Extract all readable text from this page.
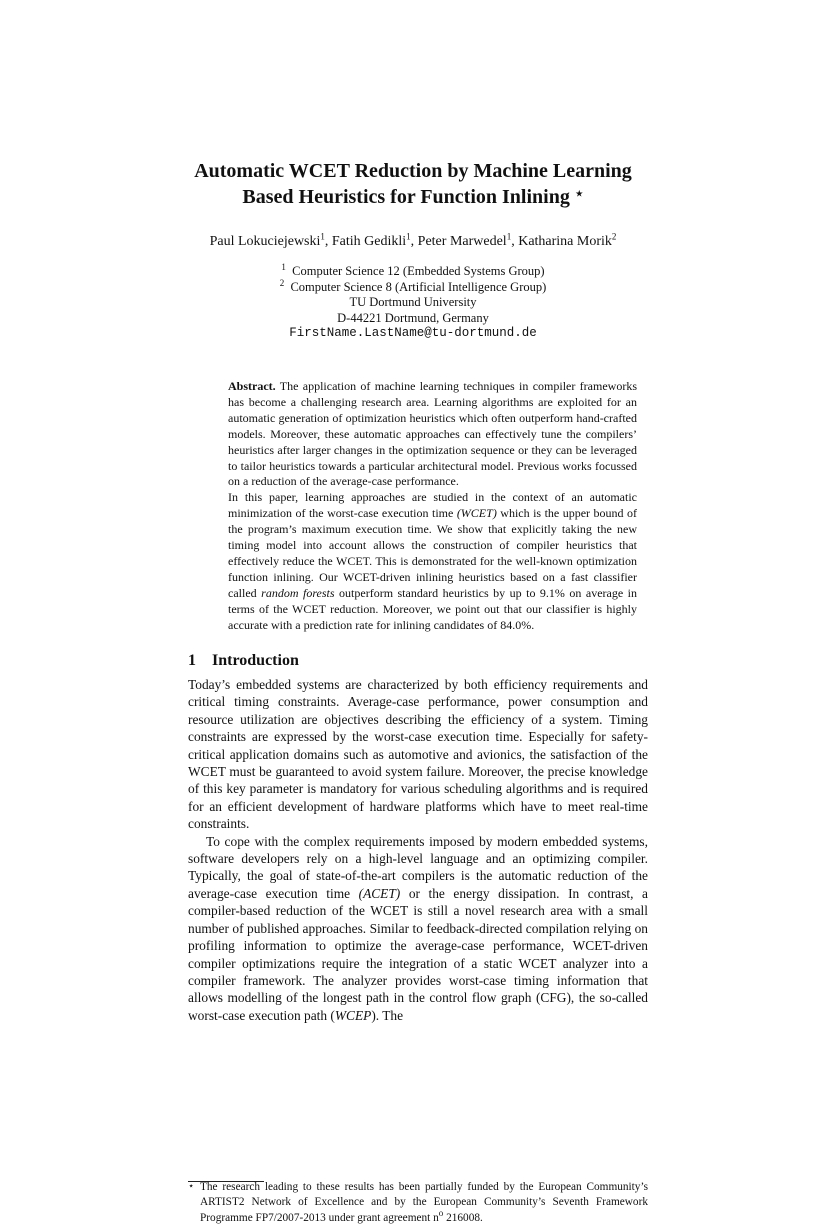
Automatic WCET Reduction by Machine Learning
Based Heuristics for Function Inlining ⋆
Paul Lokuciejewski$^1$, Fatih Gedikli$^1$, Peter Marwedel$^1$, Katharina Morik$^2$
$^1$ Computer Science 12 (Embedded Systems Group)
$^2$ Computer Science 8 (Artificial Intelligence Group)
TU Dortmund University
D-44221 Dortmund, Germany
FirstName.LastName@tu-dortmund.de

Abstract. The application of machine learning techniques in compiler frameworks has become a challenging research area. Learning algorithms are exploited for an automatic generation of optimization heuristics which often outperform hand-crafted models. Moreover, these automatic approaches can effectively tune the compilers’ heuristics after larger changes in the optimization sequence or they can be leveraged to tailor heuristics towards a particular architectural model. Previous works focussed on a reduction of the average-case performance.

In this paper, learning approaches are studied in the context of an automatic minimization of the worst-case execution time (WCET) which is the upper bound of the program’s maximum execution time. We show that explicitly taking the new timing model into account allows the construction of compiler heuristics that effectively reduce the WCET. This is demonstrated for the well-known optimization function inlining. Our WCET-driven inlining heuristics based on a fast classifier called random forests outperform standard heuristics by up to 9.1% on average in terms of the WCET reduction. Moreover, we point out that our classifier is highly accurate with a prediction rate for inlining candidates of 84.0%.

1 Introduction

Today’s embedded systems are characterized by both efficiency requirements and critical timing constraints. Average-case performance, power consumption and resource utilization are objectives describing the efficiency of a system. Timing constraints are expressed by the worst-case execution time. Especially for safety-critical application domains such as automotive and avionics, the satisfaction of the WCET must be guaranteed to avoid system failure. Moreover, the precise knowledge of this key parameter is mandatory for various scheduling algorithms and is required for an efficient development of hardware platforms which have to meet real-time constraints.

To cope with the complex requirements imposed by modern embedded systems, software developers rely on a high-level language and an optimizing compiler. Typically, the goal of state-of-the-art compilers is the automatic reduction of the average-case execution time (ACET) or the energy dissipation. In contrast, a compiler-based reduction of the WCET is still a novel research area with a small number of published approaches. Similar to feedback-directed compilation relying on profiling information to optimize the average-case performance, WCET-driven compiler optimizations require the integration of a static WCET analyzer into a compiler framework. The analyzer provides worst-case timing information that allows modelling of the longest path in the control flow graph (CFG), the so-called worst-case execution path (WCEP). The

⋆ The research leading to these results has been partially funded by the European Community’s ARTIST2 Network of Excellence and by the European Community’s Seventh Framework Programme FP7/2007-2013 under grant agreement $n^o$ 216008.
